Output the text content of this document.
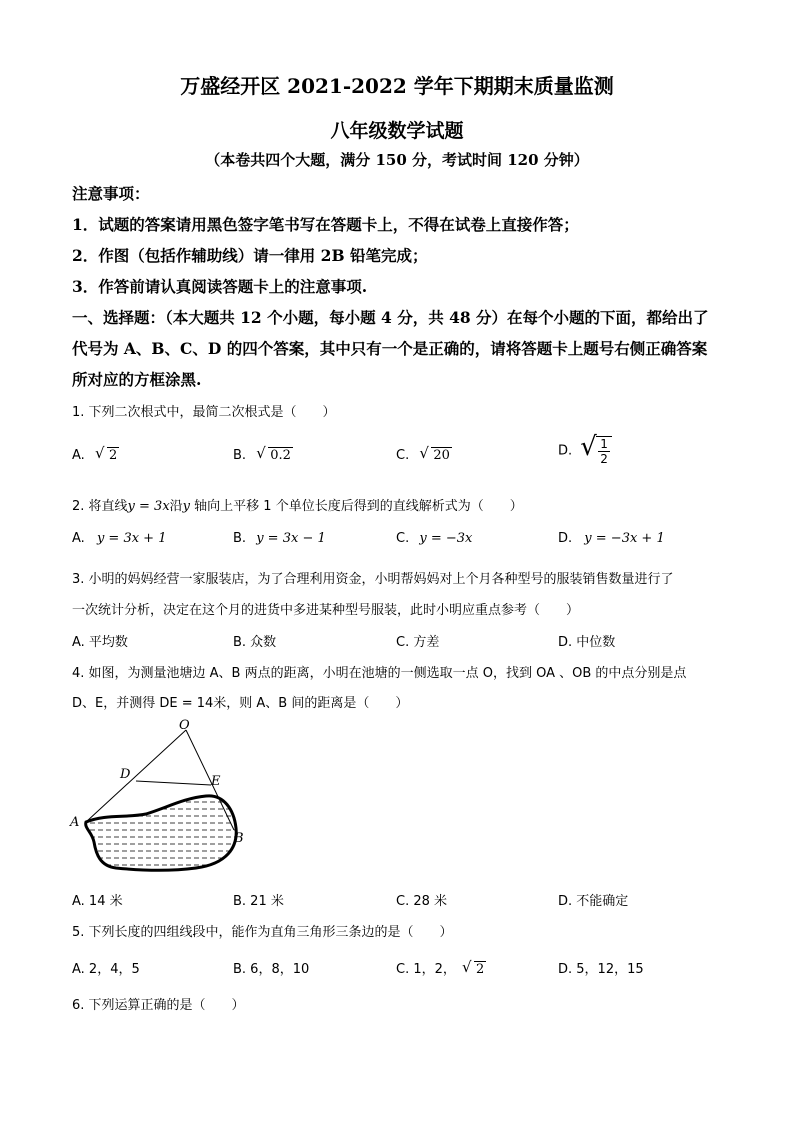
万盛经开区 2021-2022 学年下期期末质量监测
八年级数学试题
（本卷共四个大题，满分 150 分，考试时间 120 分钟）
注意事项：
1．试题的答案请用黑色签字笔书写在答题卡上，不得在试卷上直接作答；
2．作图（包括作辅助线）请一律用 2B 铅笔完成；
3．作答前请认真阅读答题卡上的注意事项.
一、选择题：（本大题共 12 个小题，每小题 4 分，共 48 分）在每个小题的下面，都给出了
代号为 A、B、C、D 的四个答案，其中只有一个是正确的，请将答题卡上题号右侧正确答案
所对应的方框涂黑.
1. 下列二次根式中，最简二次根式是（　　）
A. √ 2	B. √ 0.2	C. √ 20	D. √ $\frac{1}{2}$
2. 将直线y = 3x沿y 轴向上平移 1 个单位长度后得到的直线解析式为（　　）
A. y = 3x + 1	B. y = 3x − 1	C. y = −3x	D. y = −3x + 1
3. 小明的妈妈经营一家服装店，为了合理利用资金，小明帮妈妈对上个月各种型号的服装销售数量进行了
一次统计分析，决定在这个月的进货中多进某种型号服装，此时小明应重点参考（　　）
A. 平均数	B. 众数	C. 方差	D. 中位数
4. 如图，为测量池塘边 A、B 两点的距离，小明在池塘的一侧选取一点 O，找到 OA 、OB 的中点分别是点
D、E，并测得 DE = 14米，则 A、B 间的距离是（　　）
O
D	E
A
B
A. 14 米	B. 21 米	C. 28 米	D. 不能确定
5. 下列长度的四组线段中，能作为直角三角形三条边的是（　　）
A. 2，4，5	B. 6，8，10	C. 1，2， √ 2	D. 5，12，15
6. 下列运算正确的是（　　）
